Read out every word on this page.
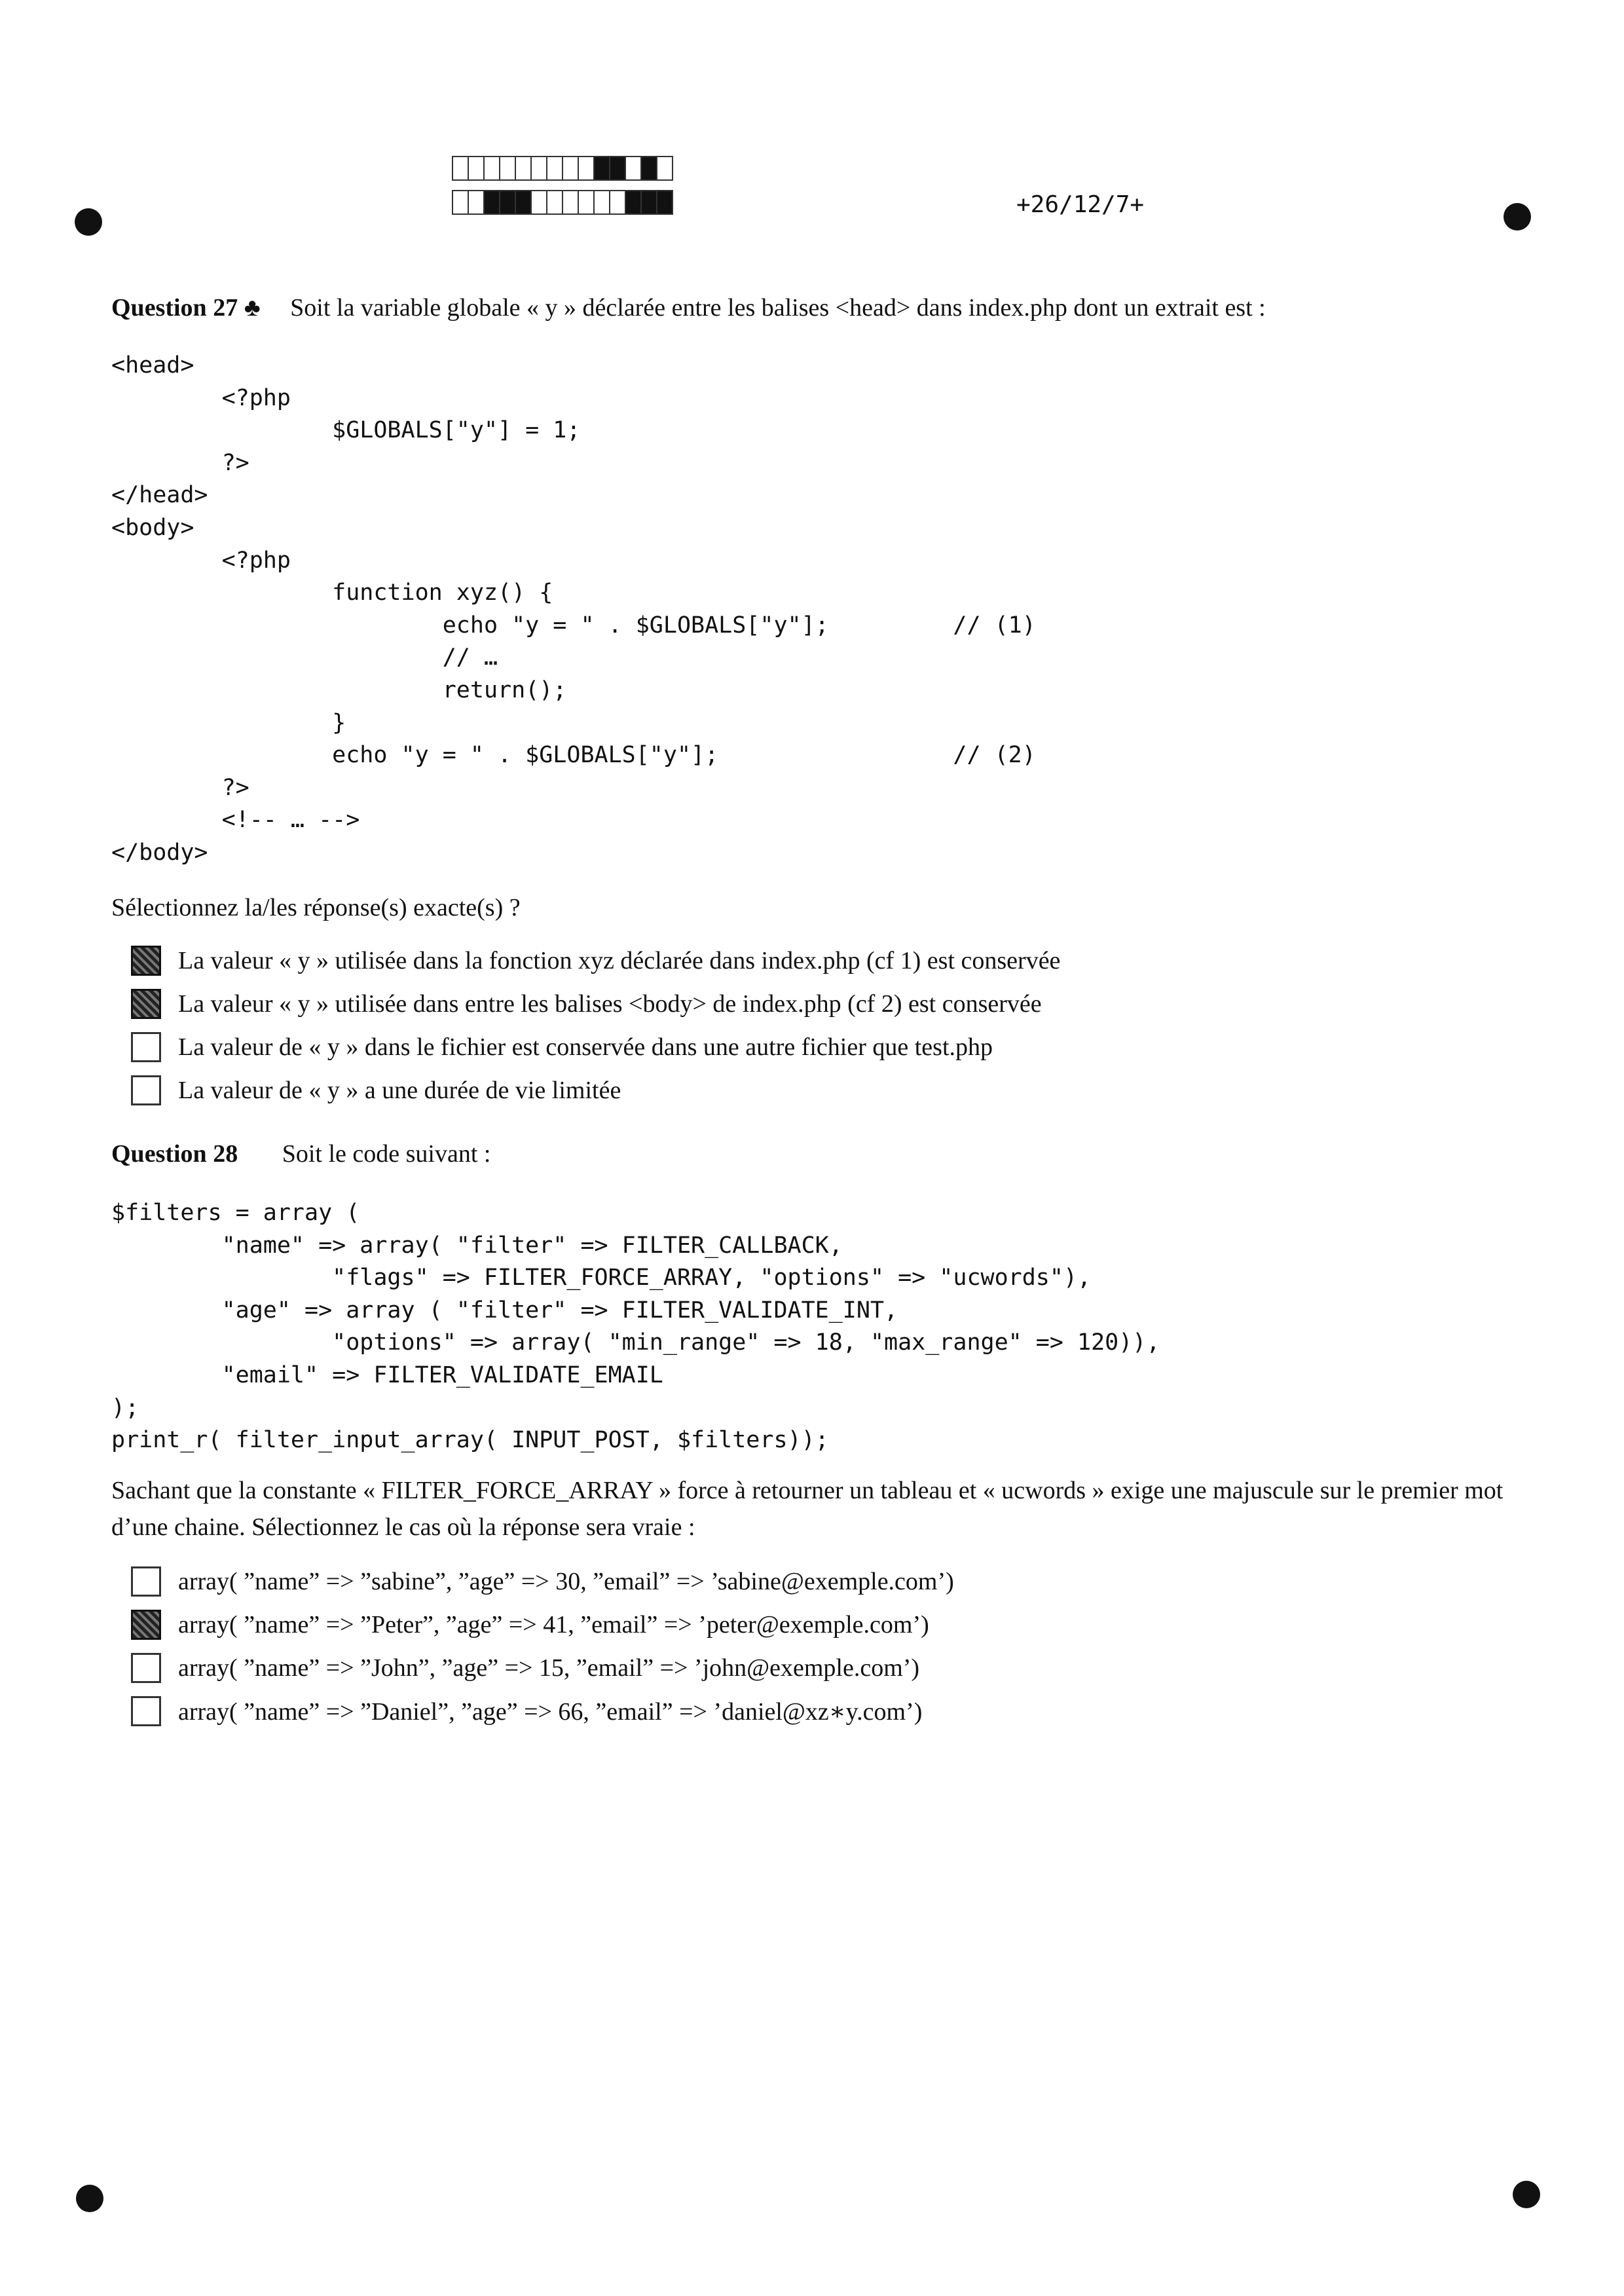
+26/12/7+
Question 27 ♣ Soit la variable globale « y » déclarée entre les balises <head> dans index.php dont un extrait est :
<head>
<?php
$GLOBALS["y"] = 1;
?>
</head>
<body>
<?php
function xyz() {
echo "y = " . $GLOBALS["y"];         // (1)
// …
return();
}
echo "y = " . $GLOBALS["y"];                 // (2)
?>
<!-- … -->
</body>
Sélectionnez la/les réponse(s) exacte(s) ?
La valeur « y » utilisée dans la fonction xyz déclarée dans index.php (cf 1) est conservée
La valeur « y » utilisée dans entre les balises <body> de index.php (cf 2) est conservée
La valeur de « y » dans le fichier est conservée dans une autre fichier que test.php
La valeur de « y » a une durée de vie limitée
Question 28 Soit le code suivant :
$filters = array (
"name" => array( "filter" => FILTER_CALLBACK,
"flags" => FILTER_FORCE_ARRAY, "options" => "ucwords"),
"age" => array ( "filter" => FILTER_VALIDATE_INT,
"options" => array( "min_range" => 18, "max_range" => 120)),
"email" => FILTER_VALIDATE_EMAIL
);
print_r( filter_input_array( INPUT_POST, $filters));
Sachant que la constante « FILTER_FORCE_ARRAY » force à retourner un tableau et « ucwords » exige une majuscule sur le premier mot d’une chaine. Sélectionnez le cas où la réponse sera vraie :
array( ”name” => ”sabine”, ”age” => 30, ”email” => ’sabine@exemple.com’)
array( ”name” => ”Peter”, ”age” => 41, ”email” => ’peter@exemple.com’)
array( ”name” => ”John”, ”age” => 15, ”email” => ’john@exemple.com’)
array( ”name” => ”Daniel”, ”age” => 66, ”email” => ’daniel@xz∗y.com’)
